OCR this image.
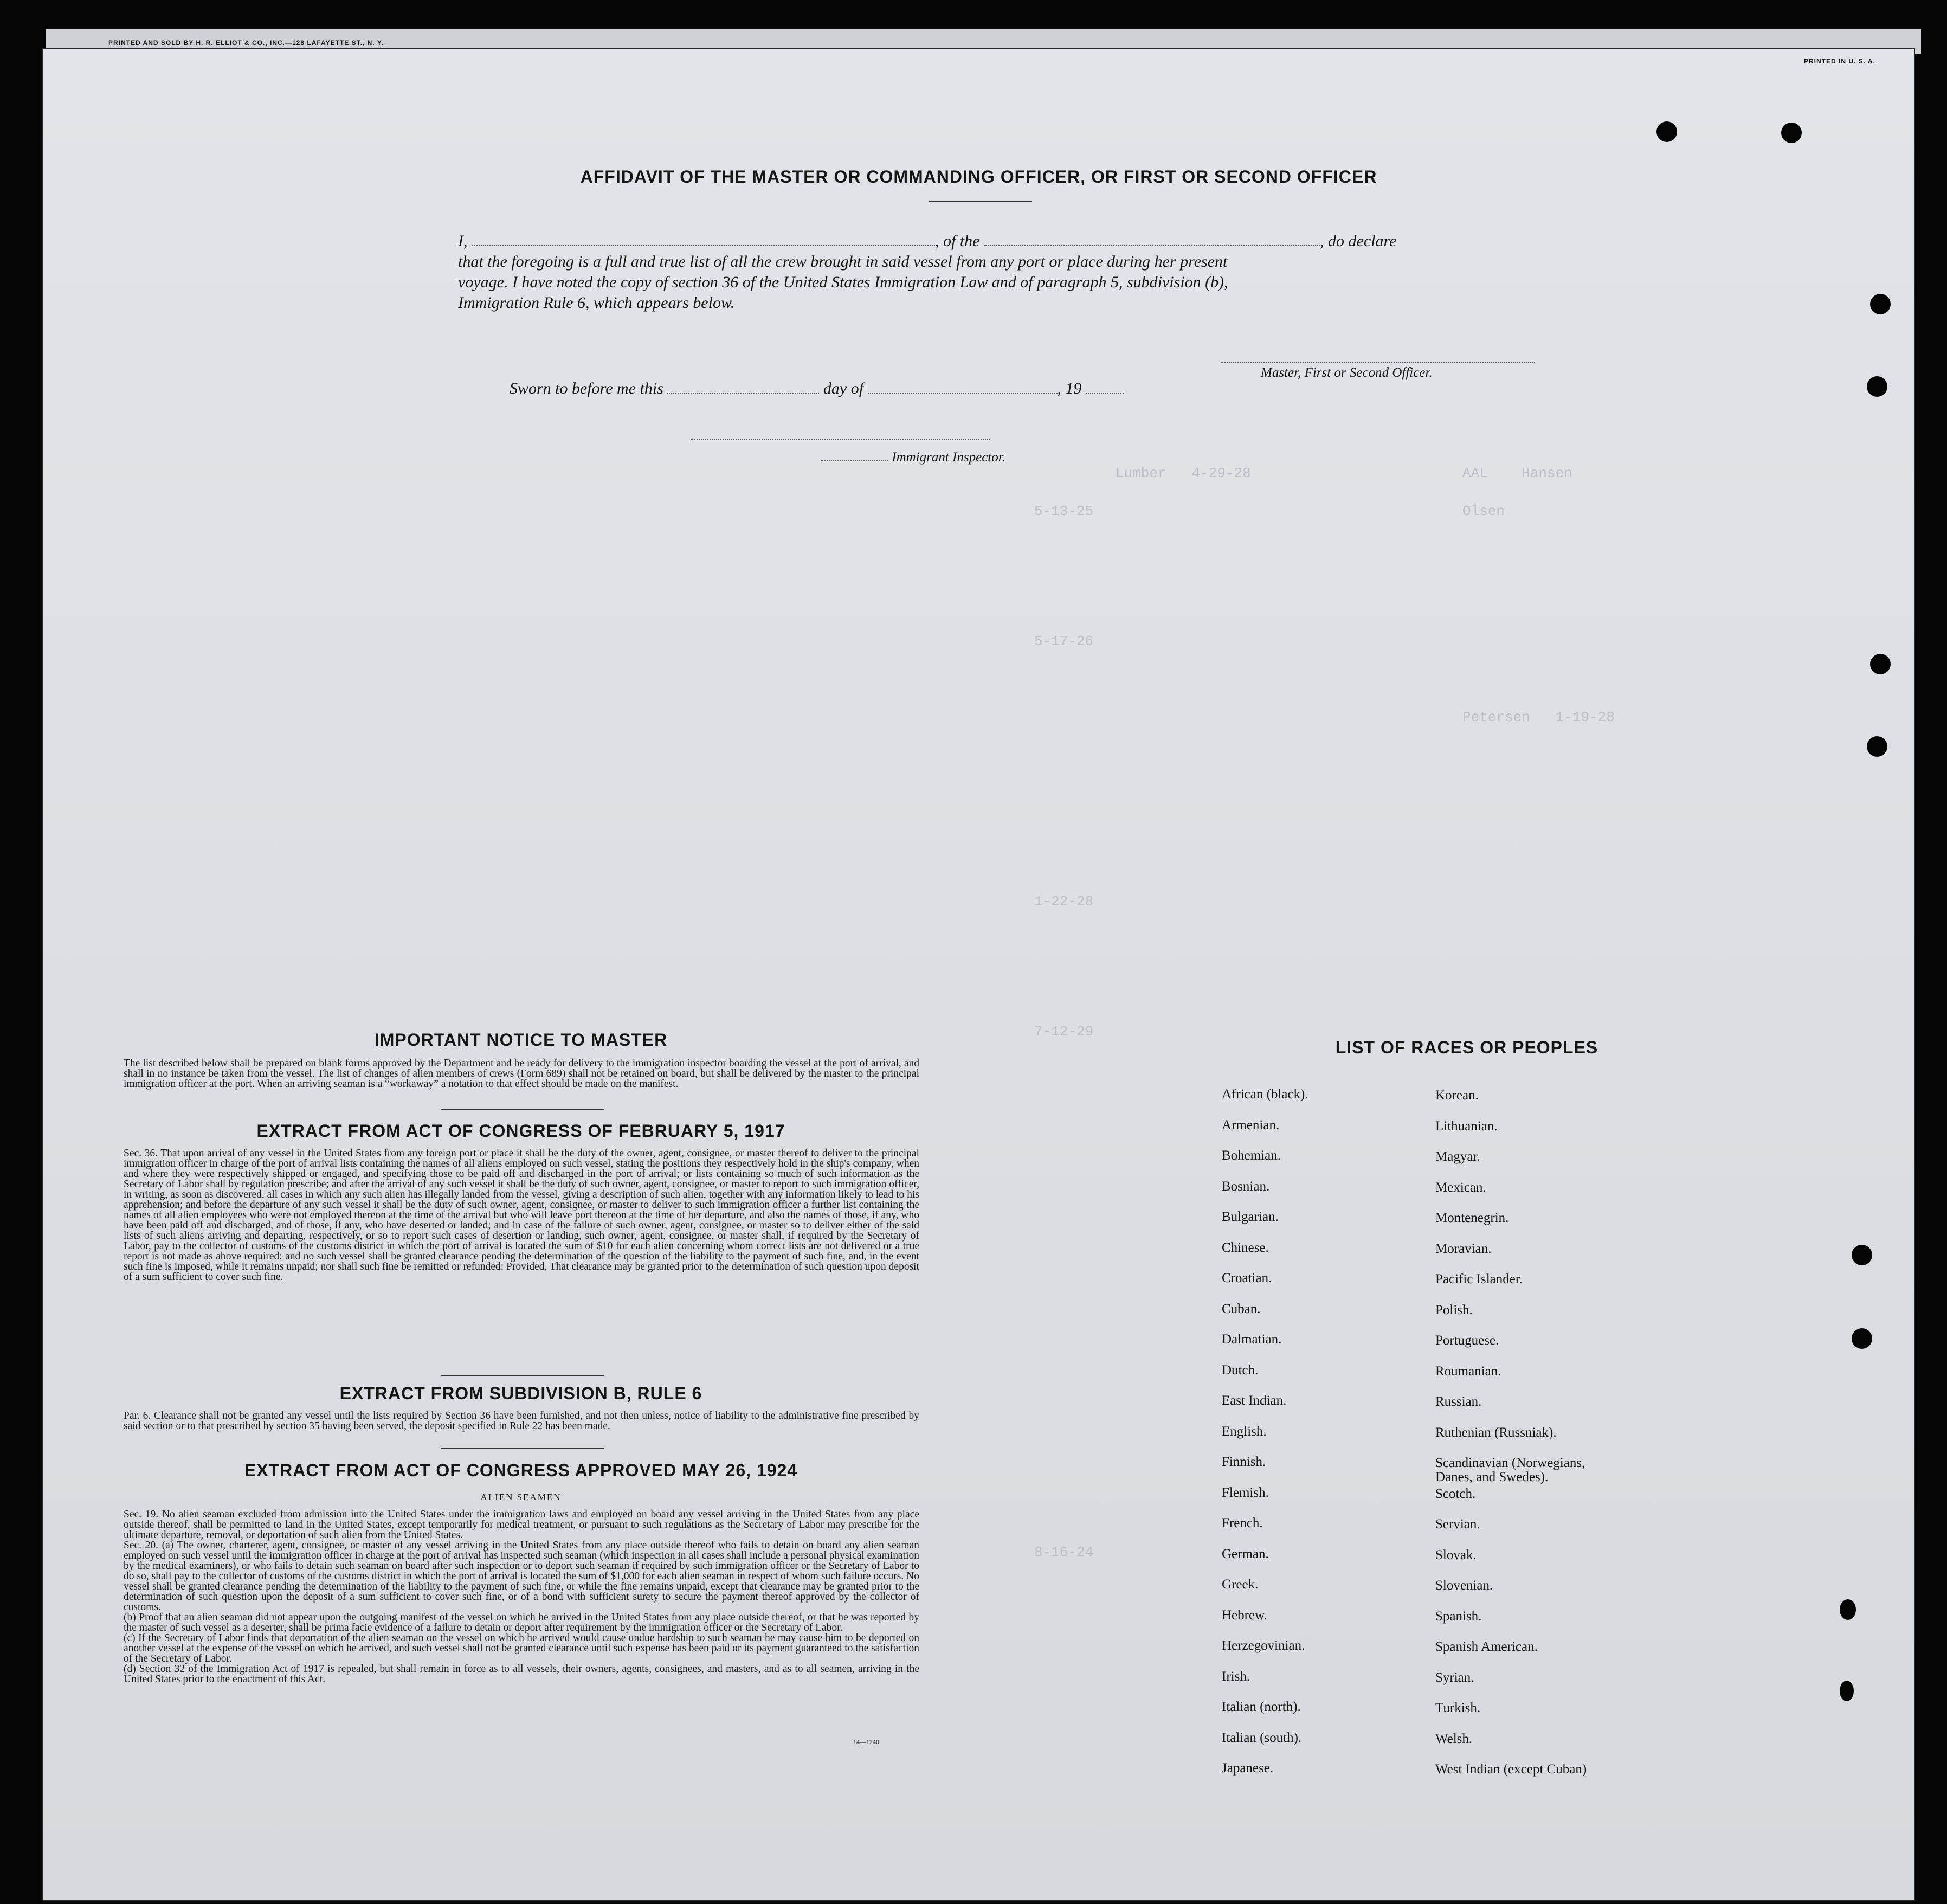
PRINTED AND SOLD BY H. R. ELLIOT & CO., INC.—128 LAFAYETTE ST., N. Y.
PRINTED IN U. S. A.
Lumber   4-29-28	AAL    Hansen
5-13-25	Olsen
5-17-26
Petersen   1-19-28
1-22-28
7-12-29
8-16-24
AFFIDAVIT OF THE MASTER OR COMMANDING OFFICER, OR FIRST OR SECOND OFFICER
I,	, of the	, do declare
that the foregoing is a full and true list of all the crew brought in said vessel from any port or place during her present
voyage. I have noted the copy of section 36 of the United States Immigration Law and of paragraph 5, subdivision (b),
Immigration Rule 6, which appears below.
Master, First or Second Officer.
Sworn to before me this	day of	, 19
Immigrant Inspector.
IMPORTANT NOTICE TO MASTER
The list described below shall be prepared on blank forms approved by the Department and be ready for delivery to the immigration inspector boarding the vessel at the port of arrival, and shall in no instance be taken from the vessel. The list of changes of alien members of crews (Form 689) shall not be retained on board, but shall be delivered by the master to the principal immigration officer at the port. When an arriving seaman is a “workaway” a notation to that effect should be made on the manifest.
EXTRACT FROM ACT OF CONGRESS OF FEBRUARY 5, 1917
Sec. 36. That upon arrival of any vessel in the United States from any foreign port or place it shall be the duty of the owner, agent, consignee, or master thereof to deliver to the principal immigration officer in charge of the port of arrival lists containing the names of all aliens employed on such vessel, stating the positions they respectively hold in the ship's company, when and where they were respectively shipped or engaged, and specifying those to be paid off and discharged in the port of arrival; or lists containing so much of such information as the Secretary of Labor shall by regulation prescribe; and after the arrival of any such vessel it shall be the duty of such owner, agent, consignee, or master to report to such immigration officer, in writing, as soon as discovered, all cases in which any such alien has illegally landed from the vessel, giving a description of such alien, together with any information likely to lead to his apprehension; and before the departure of any such vessel it shall be the duty of such owner, agent, consignee, or master to deliver to such immigration officer a further list containing the names of all alien employees who were not employed thereon at the time of the arrival but who will leave port thereon at the time of her departure, and also the names of those, if any, who have been paid off and discharged, and of those, if any, who have deserted or landed; and in case of the failure of such owner, agent, consignee, or master so to deliver either of the said lists of such aliens arriving and departing, respectively, or so to report such cases of desertion or landing, such owner, agent, consignee, or master shall, if required by the Secretary of Labor, pay to the collector of customs of the customs district in which the port of arrival is located the sum of $10 for each alien concerning whom correct lists are not delivered or a true report is not made as above required; and no such vessel shall be granted clearance pending the determination of the question of the liability to the payment of such fine, and, in the event such fine is imposed, while it remains unpaid; nor shall such fine be remitted or refunded: Provided, That clearance may be granted prior to the determination of such question upon deposit of a sum sufficient to cover such fine.
EXTRACT FROM SUBDIVISION B, RULE 6
Par. 6. Clearance shall not be granted any vessel until the lists required by Section 36 have been furnished, and not then unless, notice of liability to the administrative fine prescribed by said section or to that prescribed by section 35 having been served, the deposit specified in Rule 22 has been made.
EXTRACT FROM ACT OF CONGRESS APPROVED MAY 26, 1924
ALIEN SEAMEN
Sec. 19. No alien seaman excluded from admission into the United States under the immigration laws and employed on board any vessel arriving in the United States from any place outside thereof, shall be permitted to land in the United States, except temporarily for medical treatment, or pursuant to such regulations as the Secretary of Labor may prescribe for the ultimate departure, removal, or deportation of such alien from the United States.
Sec. 20. (a) The owner, charterer, agent, consignee, or master of any vessel arriving in the United States from any place outside thereof who fails to detain on board any alien seaman employed on such vessel until the immigration officer in charge at the port of arrival has inspected such seaman (which inspection in all cases shall include a personal physical examination by the medical examiners), or who fails to detain such seaman on board after such inspection or to deport such seaman if required by such immigration officer or the Secretary of Labor to do so, shall pay to the collector of customs of the customs district in which the port of arrival is located the sum of $1,000 for each alien seaman in respect of whom such failure occurs. No vessel shall be granted clearance pending the determination of the liability to the payment of such fine, or while the fine remains unpaid, except that clearance may be granted prior to the determination of such question upon the deposit of a sum sufficient to cover such fine, or of a bond with sufficient surety to secure the payment thereof approved by the collector of customs.
(b) Proof that an alien seaman did not appear upon the outgoing manifest of the vessel on which he arrived in the United States from any place outside thereof, or that he was reported by the master of such vessel as a deserter, shall be prima facie evidence of a failure to detain or deport after requirement by the immigration officer or the Secretary of Labor.
(c) If the Secretary of Labor finds that deportation of the alien seaman on the vessel on which he arrived would cause undue hardship to such seaman he may cause him to be deported on another vessel at the expense of the vessel on which he arrived, and such vessel shall not be granted clearance until such expense has been paid or its payment guaranteed to the satisfaction of the Secretary of Labor.
(d) Section 32 of the Immigration Act of 1917 is repealed, but shall remain in force as to all vessels, their owners, agents, consignees, and masters, and as to all seamen, arriving in the United States prior to the enactment of this Act.
14—1240
LIST OF RACES OR PEOPLES
African (black).
Armenian.
Bohemian.
Bosnian.
Bulgarian.
Chinese.
Croatian.
Cuban.
Dalmatian.
Dutch.
East Indian.
English.
Finnish.
Flemish.
French.
German.
Greek.
Hebrew.
Herzegovinian.
Irish.
Italian (north).
Italian (south).
Japanese.
Korean.
Lithuanian.
Magyar.
Mexican.
Montenegrin.
Moravian.
Pacific Islander.
Polish.
Portuguese.
Roumanian.
Russian.
Ruthenian (Russniak).
Scandinavian (Norwegians,
Danes, and Swedes).
Scotch.
Servian.
Slovak.
Slovenian.
Spanish.
Spanish American.
Syrian.
Turkish.
Welsh.
West Indian (except Cuban)
